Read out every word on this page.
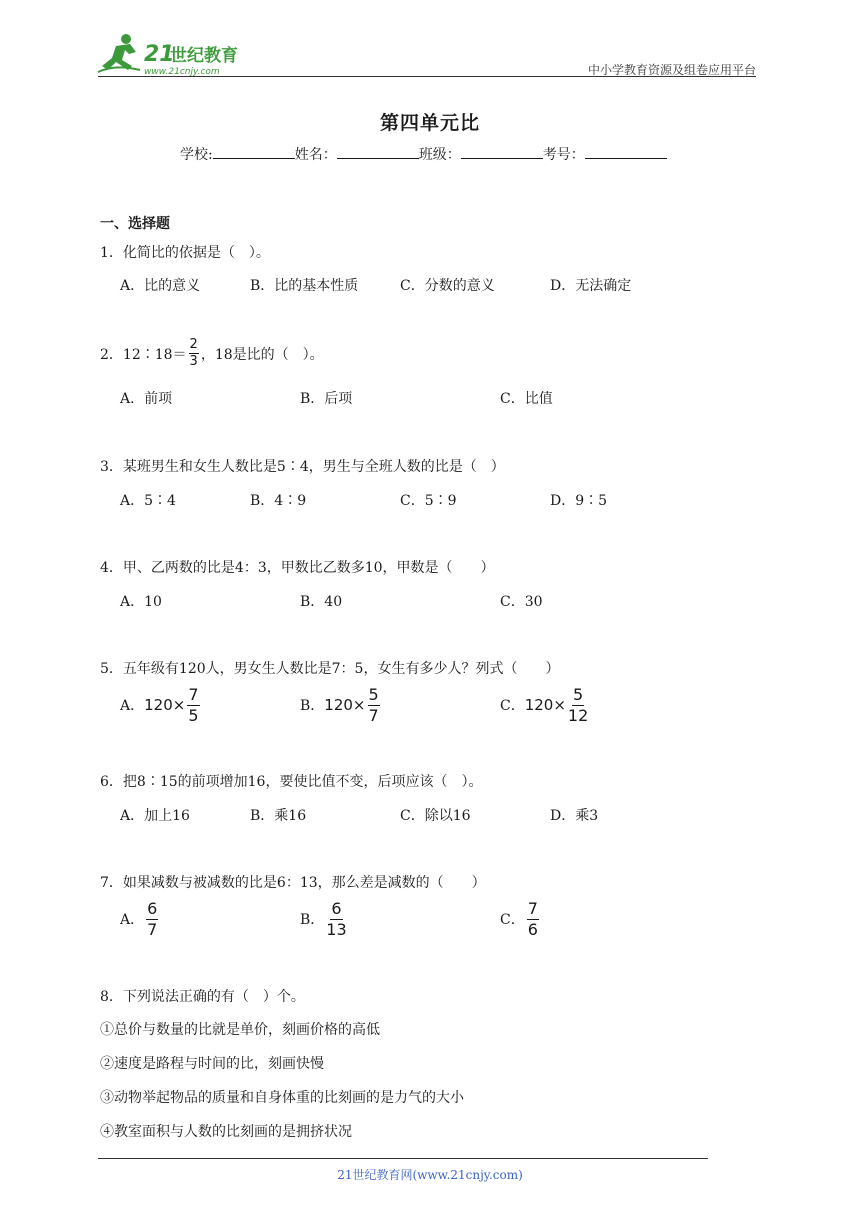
21
世纪教育
www.21cnjy.com	中小学教育资源及组卷应用平台
第四单元比
学校:	姓名：	班级：	考号：
一、选择题
1．化简比的依据是（　）。
A．比的意义	B．比的基本性质	C．分数的意义	D．无法确定
2．12∶18＝ $\frac{2}{3}$ ，18是比的（　）。
A．前项	B．后项	C．比值
3．某班男生和女生人数比是5∶4，男生与全班人数的比是（　）
A．5∶4	B．4∶9	C．5∶9	D．9∶5
4．甲、乙两数的比是4：3，甲数比乙数多10，甲数是（　　）
A．10	B．40	C．30
5．五年级有120人，男女生人数比是7：5，女生有多少人？列式（　　）
A． $120\times \frac{7}{5}$	B． $120\times \frac{5}{7}$	C． $120\times \frac{5}{12}$
6．把8∶15的前项增加16，要使比值不变，后项应该（　）。
A．加上16	B．乘16	C．除以16	D．乘3
7．如果减数与被减数的比是6：13，那么差是减数的（　　）
A． $\frac{6}{7}$	B． $\frac{6}{13}$	C． $\frac{7}{6}$
8．下列说法正确的有（　）个。
①总价与数量的比就是单价，刻画价格的高低
②速度是路程与时间的比，刻画快慢
③动物举起物品的质量和自身体重的比刻画的是力气的大小
④教室面积与人数的比刻画的是拥挤状况
21世纪教育网(www.21cnjy.com)
